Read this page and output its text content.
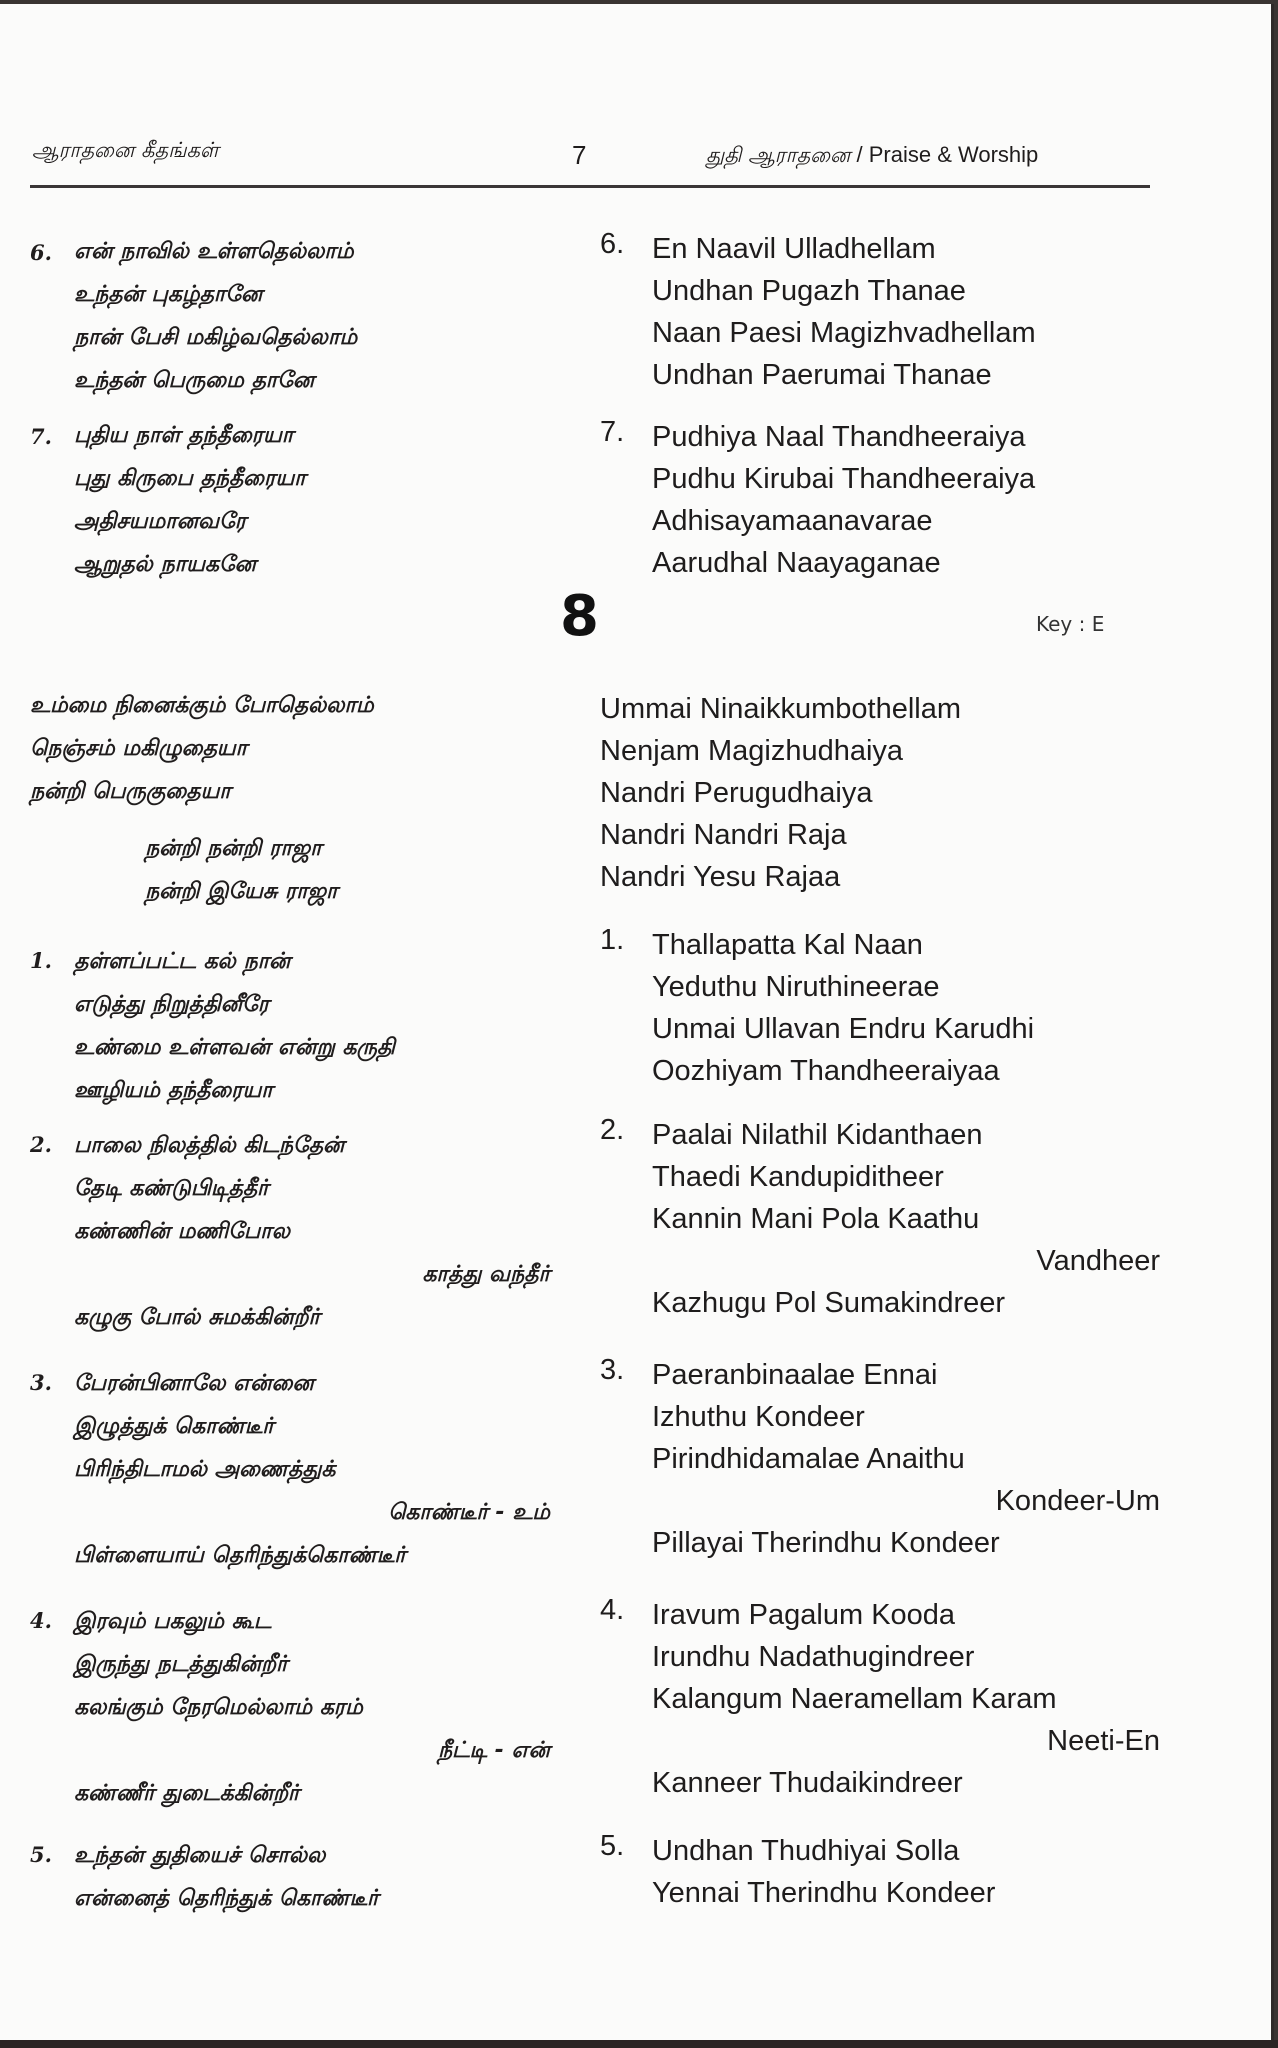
ஆராதனை கீதங்கள்	7	துதி ஆராதனை / Praise & Worship
6.	என் நாவில் உள்ளதெல்லாம்
உந்தன் புகழ்தானே
நான் பேசி மகிழ்வதெல்லாம்
உந்தன் பெருமை தானே
7.	புதிய நாள் தந்தீரையா
புது கிருபை தந்தீரையா
அதிசயமானவரே
ஆறுதல் நாயகனே
உம்மை நினைக்கும் போதெல்லாம்
நெஞ்சம் மகிழுதையா
நன்றி பெருகுதையா
நன்றி நன்றி ராஜா
நன்றி இயேசு ராஜா
1.	தள்ளப்பட்ட கல் நான்
எடுத்து நிறுத்தினீரே
உண்மை உள்ளவன் என்று கருதி
ஊழியம் தந்தீரையா
2.	பாலை நிலத்தில் கிடந்தேன்
தேடி கண்டுபிடித்தீர்
கண்ணின் மணிபோல
காத்து வந்தீர்
கழுகு போல் சுமக்கின்றீர்
3.	பேரன்பினாலே என்னை
இழுத்துக் கொண்டீர்
பிரிந்திடாமல் அணைத்துக்
கொண்டீர் - உம்
பிள்ளையாய் தெரிந்துக்கொண்டீர்
4.	இரவும் பகலும் கூட
இருந்து நடத்துகின்றீர்
கலங்கும் நேரமெல்லாம் கரம்
நீட்டி - என்
கண்ணீர் துடைக்கின்றீர்
5.	உந்தன் துதியைச் சொல்ல
என்னைத் தெரிந்துக் கொண்டீர்
6. En Naavil Ulladhellam
Undhan Pugazh Thanae
Naan Paesi Magizhvadhellam
Undhan Paerumai Thanae
7. Pudhiya Naal Thandheeraiya
Pudhu Kirubai Thandheeraiya
Adhisayamaanavarae
Aarudhal Naayaganae
Ummai Ninaikkumbothellam
Nenjam Magizhudhaiya
Nandri Perugudhaiya
Nandri Nandri Raja
Nandri Yesu Rajaa
1. Thallapatta Kal Naan
Yeduthu Niruthineerae
Unmai Ullavan Endru Karudhi
Oozhiyam Thandheeraiyaa
2. Paalai Nilathil Kidanthaen
Thaedi Kandupiditheer
Kannin Mani Pola Kaathu
Vandheer
Kazhugu Pol Sumakindreer
3. Paeranbinaalae Ennai
Izhuthu Kondeer
Pirindhidamalae Anaithu
Kondeer-Um
Pillayai Therindhu Kondeer
4. Iravum Pagalum Kooda
Irundhu Nadathugindreer
Kalangum Naeramellam Karam
Neeti-En
Kanneer Thudaikindreer
5. Undhan Thudhiyai Solla
Yennai Therindhu Kondeer
8	Key : E
